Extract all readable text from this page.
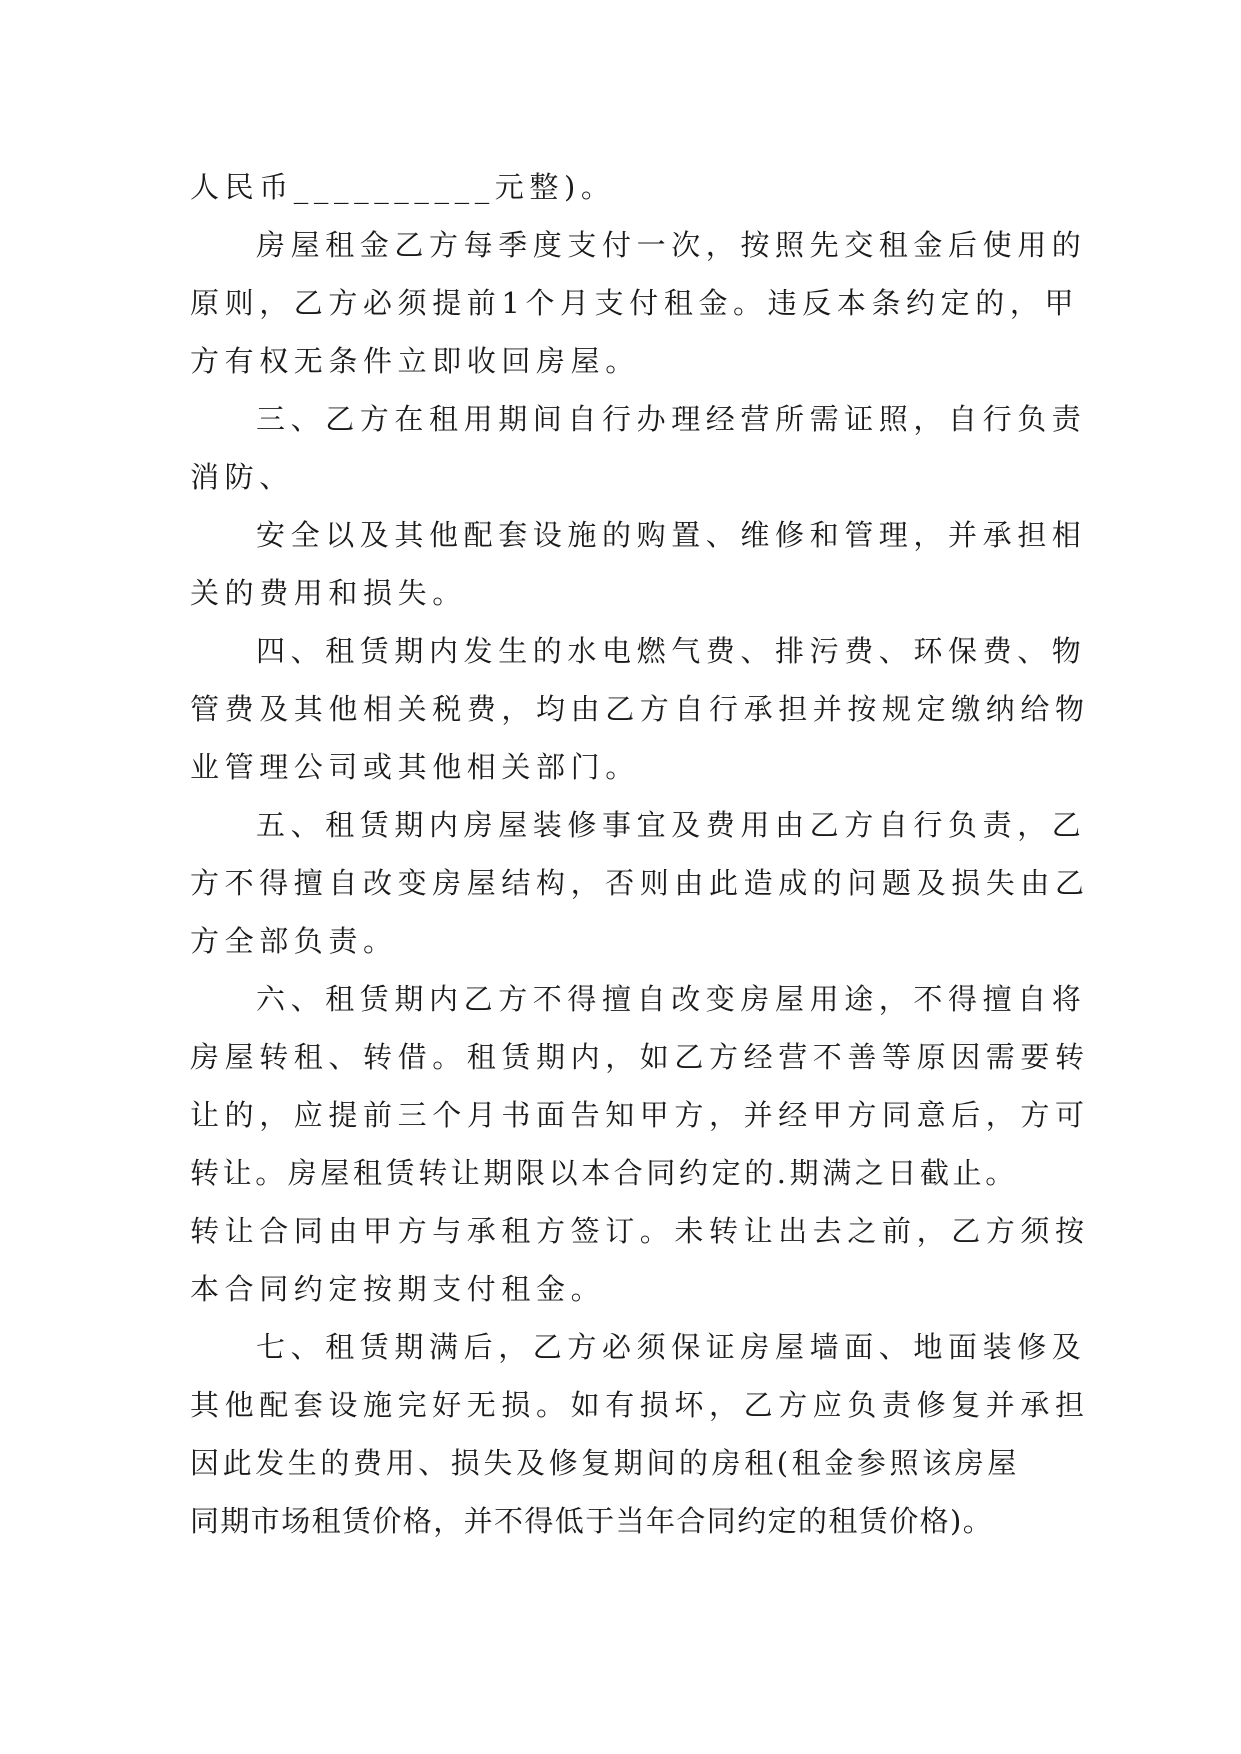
人民币__________元整)。
房屋租金乙方每季度支付一次，按照先交租金后使用的
原则，乙方必须提前1个月支付租金。违反本条约定的，甲
方有权无条件立即收回房屋。
三、乙方在租用期间自行办理经营所需证照，自行负责
消防、
安全以及其他配套设施的购置、维修和管理，并承担相
关的费用和损失。
四、租赁期内发生的水电燃气费、排污费、环保费、物
管费及其他相关税费，均由乙方自行承担并按规定缴纳给物
业管理公司或其他相关部门。
五、租赁期内房屋装修事宜及费用由乙方自行负责，乙
方不得擅自改变房屋结构，否则由此造成的问题及损失由乙
方全部负责。
六、租赁期内乙方不得擅自改变房屋用途，不得擅自将
房屋转租、转借。租赁期内，如乙方经营不善等原因需要转
让的，应提前三个月书面告知甲方，并经甲方同意后，方可
转让。房屋租赁转让期限以本合同约定的.期满之日截止。
转让合同由甲方与承租方签订。未转让出去之前，乙方须按
本合同约定按期支付租金。
七、租赁期满后，乙方必须保证房屋墙面、地面装修及
其他配套设施完好无损。如有损坏，乙方应负责修复并承担
因此发生的费用、损失及修复期间的房租(租金参照该房屋
同期市场租赁价格，并不得低于当年合同约定的租赁价格)。
